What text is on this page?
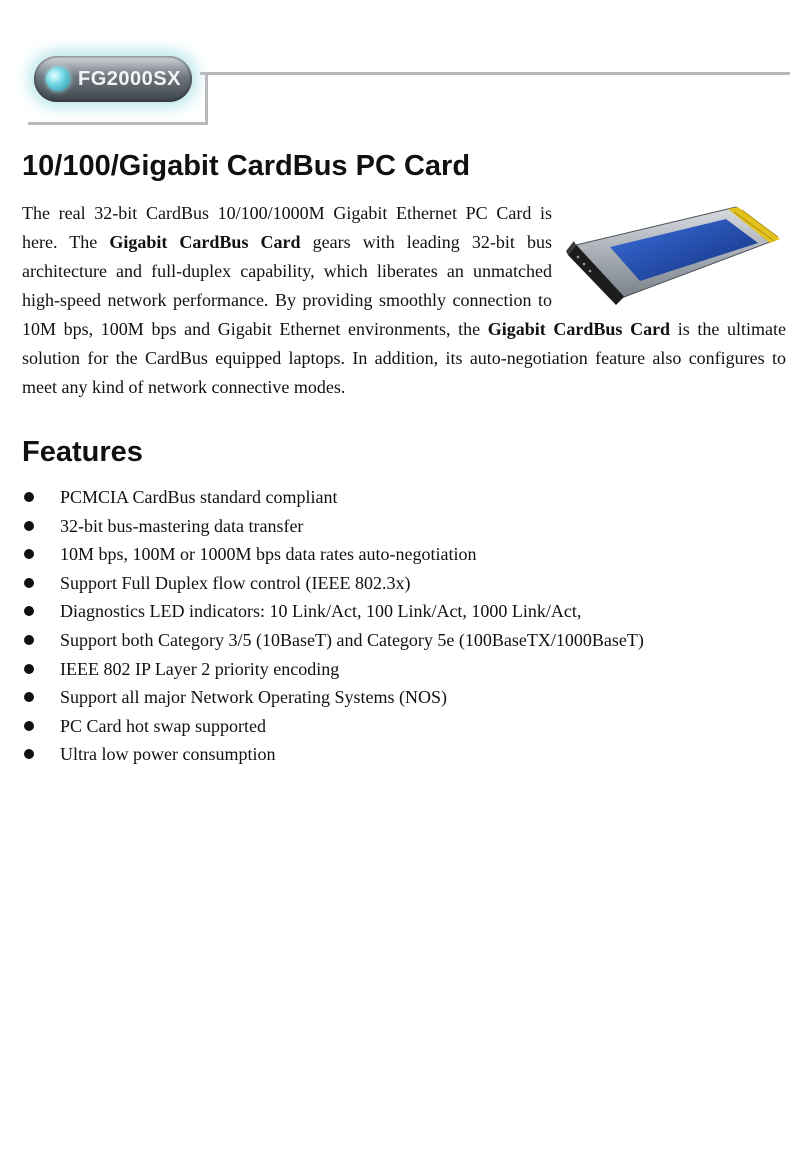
FG2000SX
10/100/Gigabit CardBus PC Card

The real 32-bit CardBus 10/100/1000M Gigabit Ethernet PC Card is here. The Gigabit CardBus Card gears with leading 32-bit bus architecture and full-duplex capability, which liberates an unmatched high-speed network performance. By providing smoothly connection to 10M bps, 100M bps and Gigabit Ethernet environments, the Gigabit CardBus Card is the ultimate solution for the CardBus equipped laptops. In addition, its auto-negotiation feature also configures to meet any kind of network connective modes.

Features
PCMCIA CardBus standard compliant
32-bit bus-mastering data transfer
10M bps, 100M or 1000M bps data rates auto-negotiation
Support Full Duplex flow control (IEEE 802.3x)
Diagnostics LED indicators: 10 Link/Act, 100 Link/Act, 1000 Link/Act,
Support both Category 3/5 (10BaseT) and Category 5e (100BaseTX/1000BaseT)
IEEE 802 IP Layer 2 priority encoding
Support all major Network Operating Systems (NOS)
PC Card hot swap supported
Ultra low power consumption
